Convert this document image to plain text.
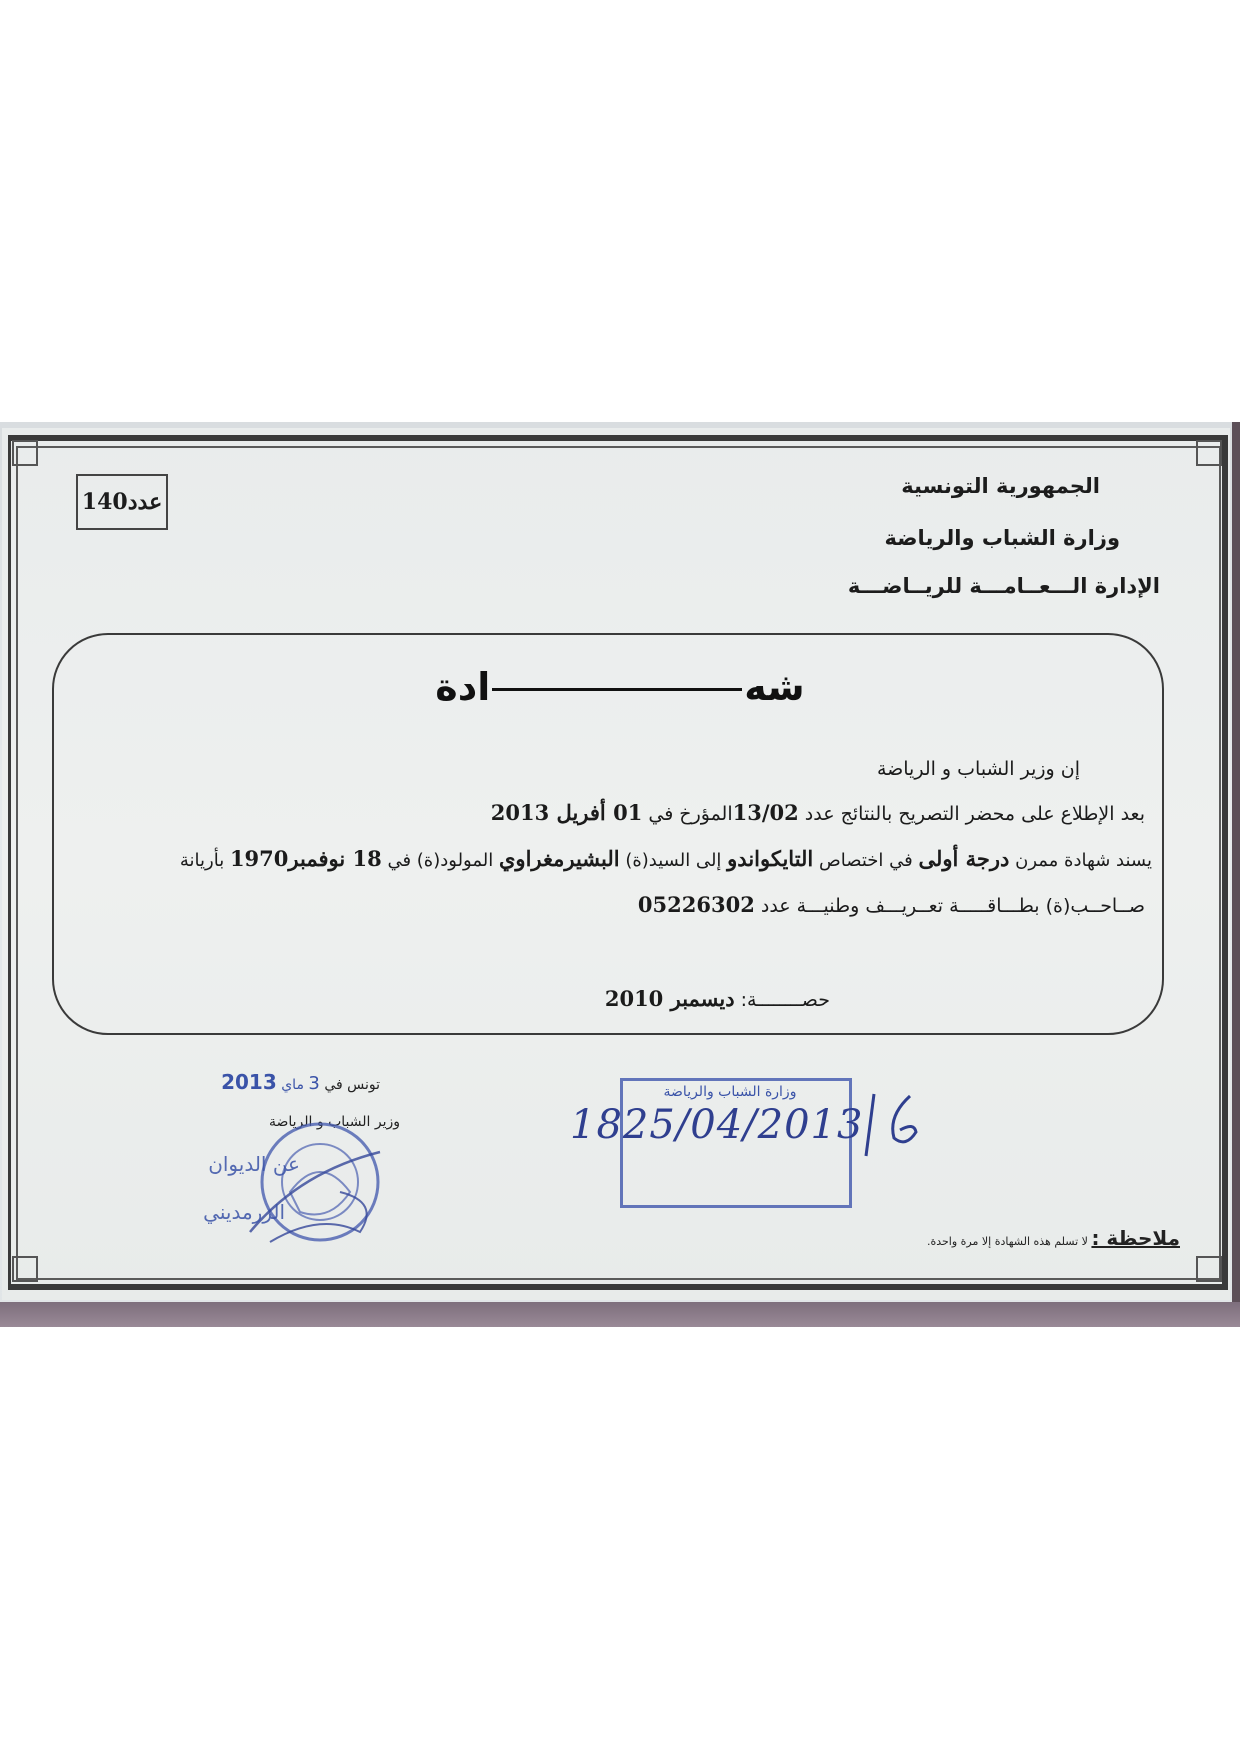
عدد
140
الجمهورية التونسية
وزارة الشباب والرياضة
الإدارة الـــعــامـــة للريــاضـــة
شهادة
إن وزير الشباب و الرياضة
بعد الإطلاع على محضر التصريح بالنتائج عدد 13/02المؤرخ في 01 أفريل 2013
يسند شهادة ممرن درجة أولى في اختصاص التايكواندو إلى السيد(ة) البشيرمغراوي المولود(ة) في 18 نوفمبر1970 بأريانة
صــاحــب(ة) بطـــاقـــــة تعــريـــف وطنيـــة عدد 05226302
حصــــــــة: ديسمبر 2010
تونس في 3 ماي 2013
وزير الشباب و الرياضة
عن الديوان
الزرمديني
وزارة الشباب والرياضة
1825/04/2013
ملاحظة : لا تسلم هذه الشهادة إلا مرة واحدة.
